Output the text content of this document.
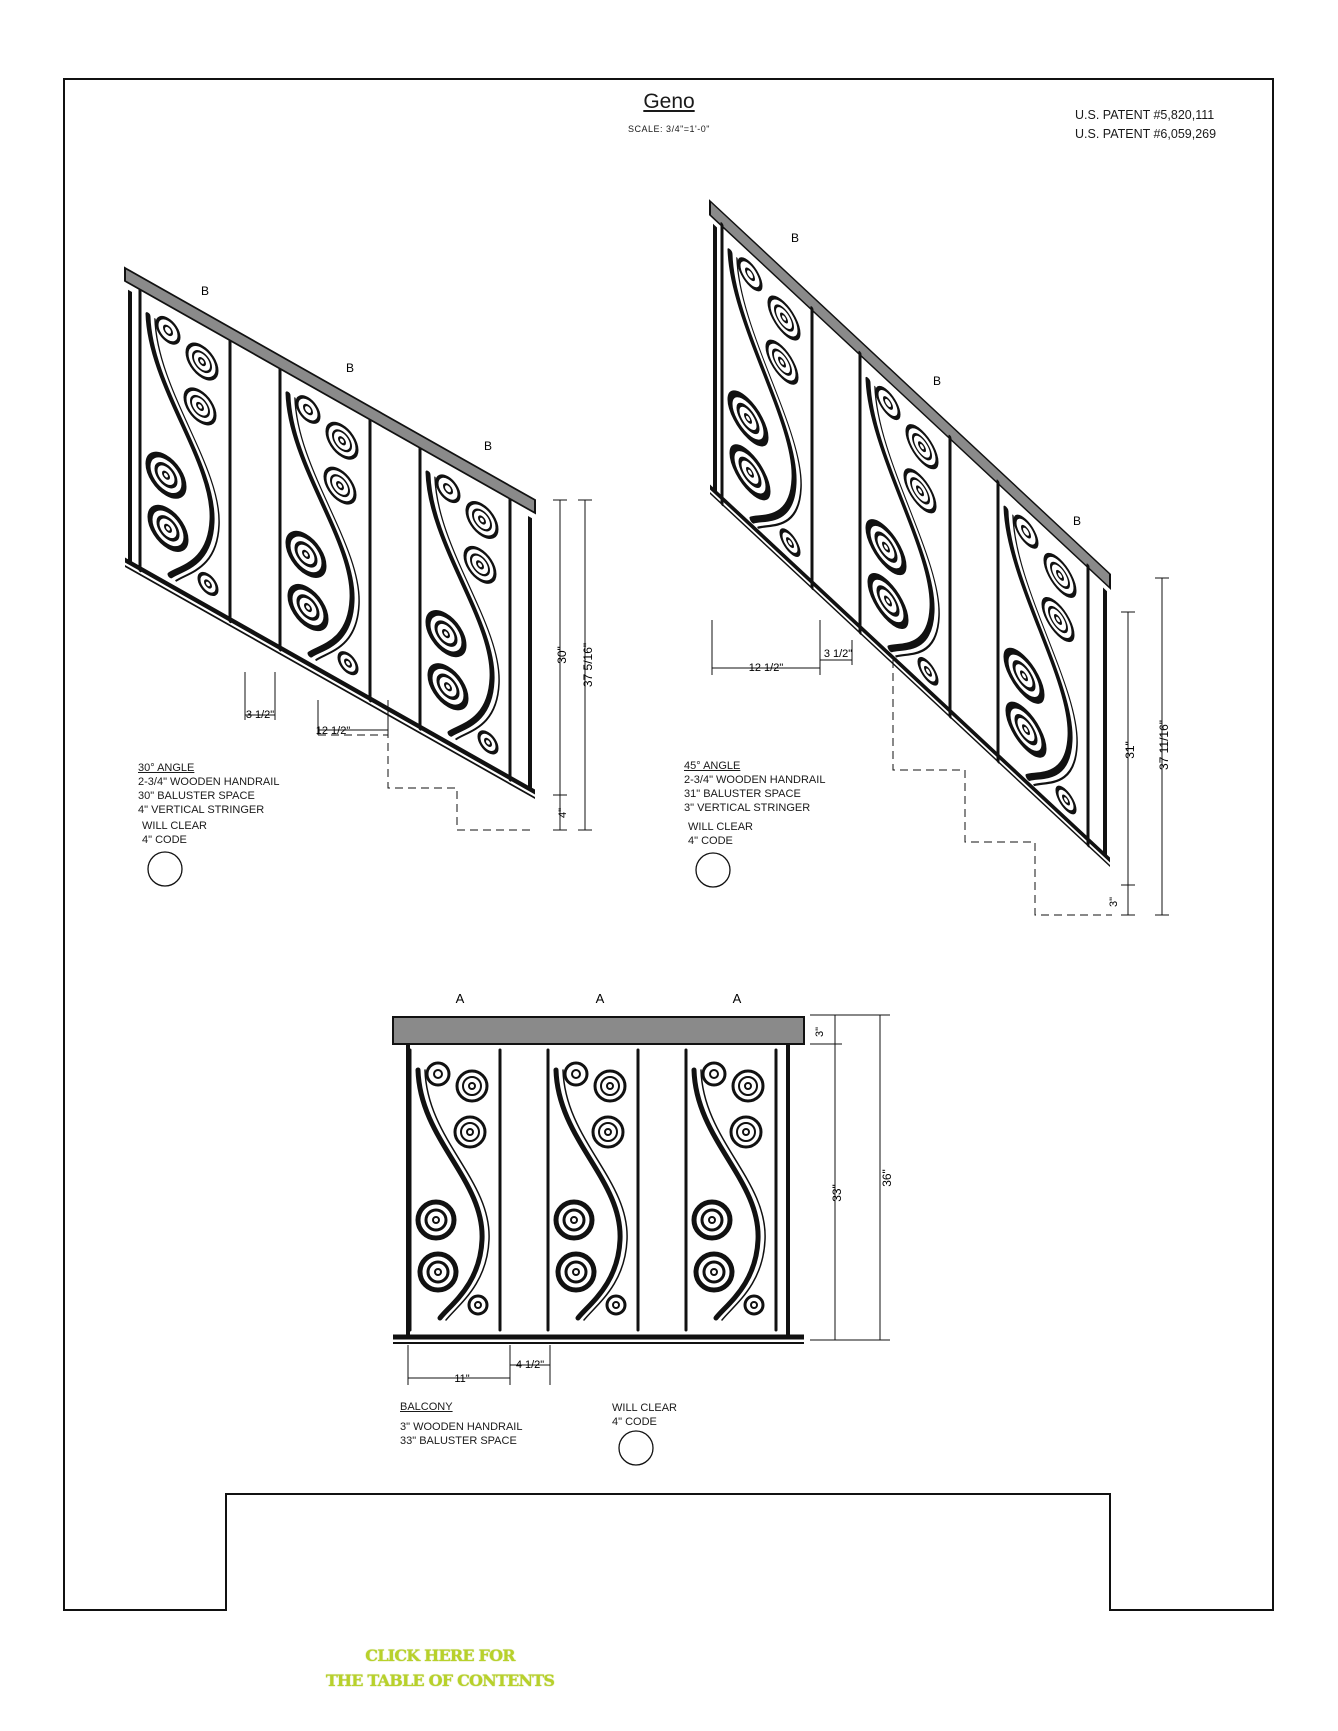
B
B
B
30" 37 5/16"
4"
3 1/2"
12 1/2"
B
B
B
12 1/2"
3 1/2"
31" 37 11/16"
3"
A	A	A
3"
33"
36"
11"
4 1/2"
Geno
SCALE: 3/4"=1'-0"
U.S. PATENT #5,820,111
U.S. PATENT #6,059,269
30° ANGLE
2-3/4" WOODEN HANDRAIL
30" BALUSTER SPACE
4" VERTICAL STRINGER
WILL CLEAR
4" CODE
45° ANGLE
2-3/4" WOODEN HANDRAIL
31" BALUSTER SPACE
3" VERTICAL STRINGER
WILL CLEAR
4" CODE
BALCONY
3" WOODEN HANDRAIL
33" BALUSTER SPACE
WILL CLEAR
4" CODE
CLICK HERE FOR
THE TABLE OF CONTENTS
